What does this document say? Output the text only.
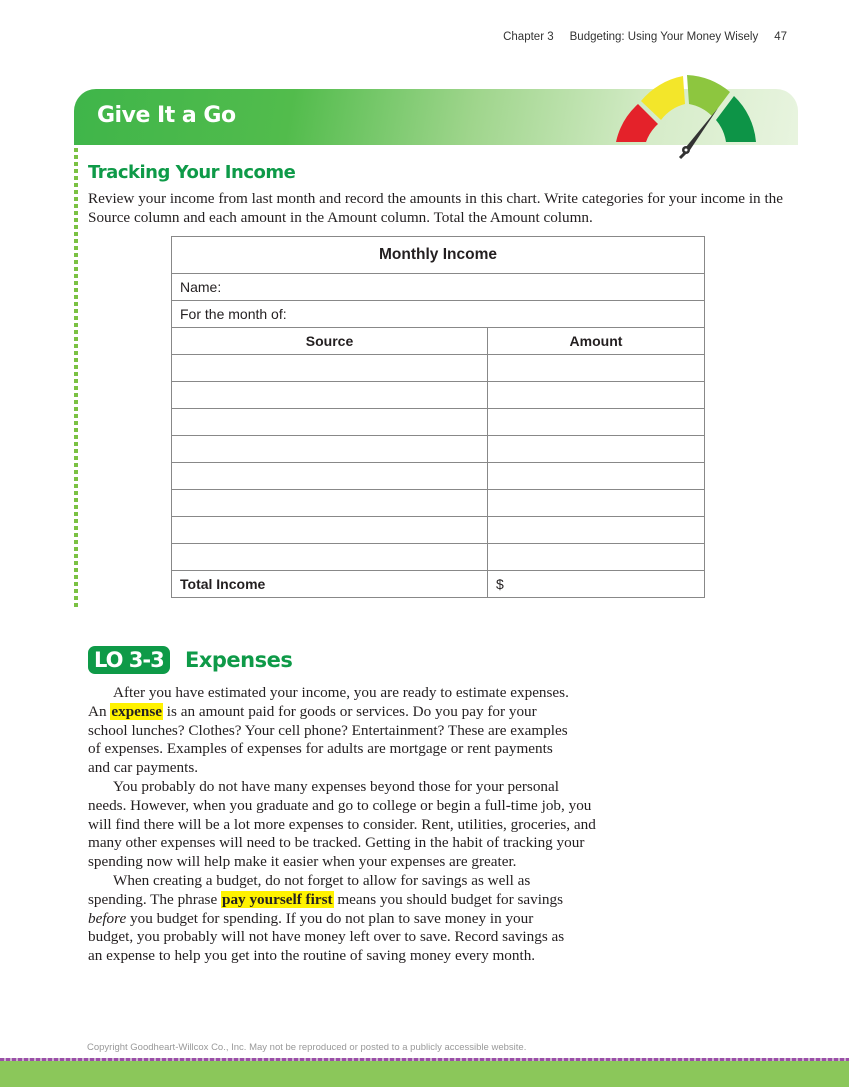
Chapter 3 Budgeting: Using Your Money Wisely 47
Give It a Go
Tracking Your Income
Review your income from last month and record the amounts in this chart. Write categories for your income in the Source column and each amount in the Amount column. Total the Amount column.
Monthly Income	
Name:	
For the month of:	
Source	Amount

Total Income	$
LO 3-3 Expenses
After you have estimated your income, you are ready to estimate expenses.
An expense is an amount paid for goods or services. Do you pay for your
school lunches? Clothes? Your cell phone? Entertainment? These are examples
of expenses. Examples of expenses for adults are mortgage or rent payments
and car payments.
You probably do not have many expenses beyond those for your personal
needs. However, when you graduate and go to college or begin a full-time job, you
will find there will be a lot more expenses to consider. Rent, utilities, groceries, and
many other expenses will need to be tracked. Getting in the habit of tracking your
spending now will help make it easier when your expenses are greater.
When creating a budget, do not forget to allow for savings as well as
spending. The phrase pay yourself first means you should budget for savings
before you budget for spending. If you do not plan to save money in your
budget, you probably will not have money left over to save. Record savings as
an expense to help you get into the routine of saving money every month.
Copyright Goodheart-Willcox Co., Inc. May not be reproduced or posted to a publicly accessible website.
